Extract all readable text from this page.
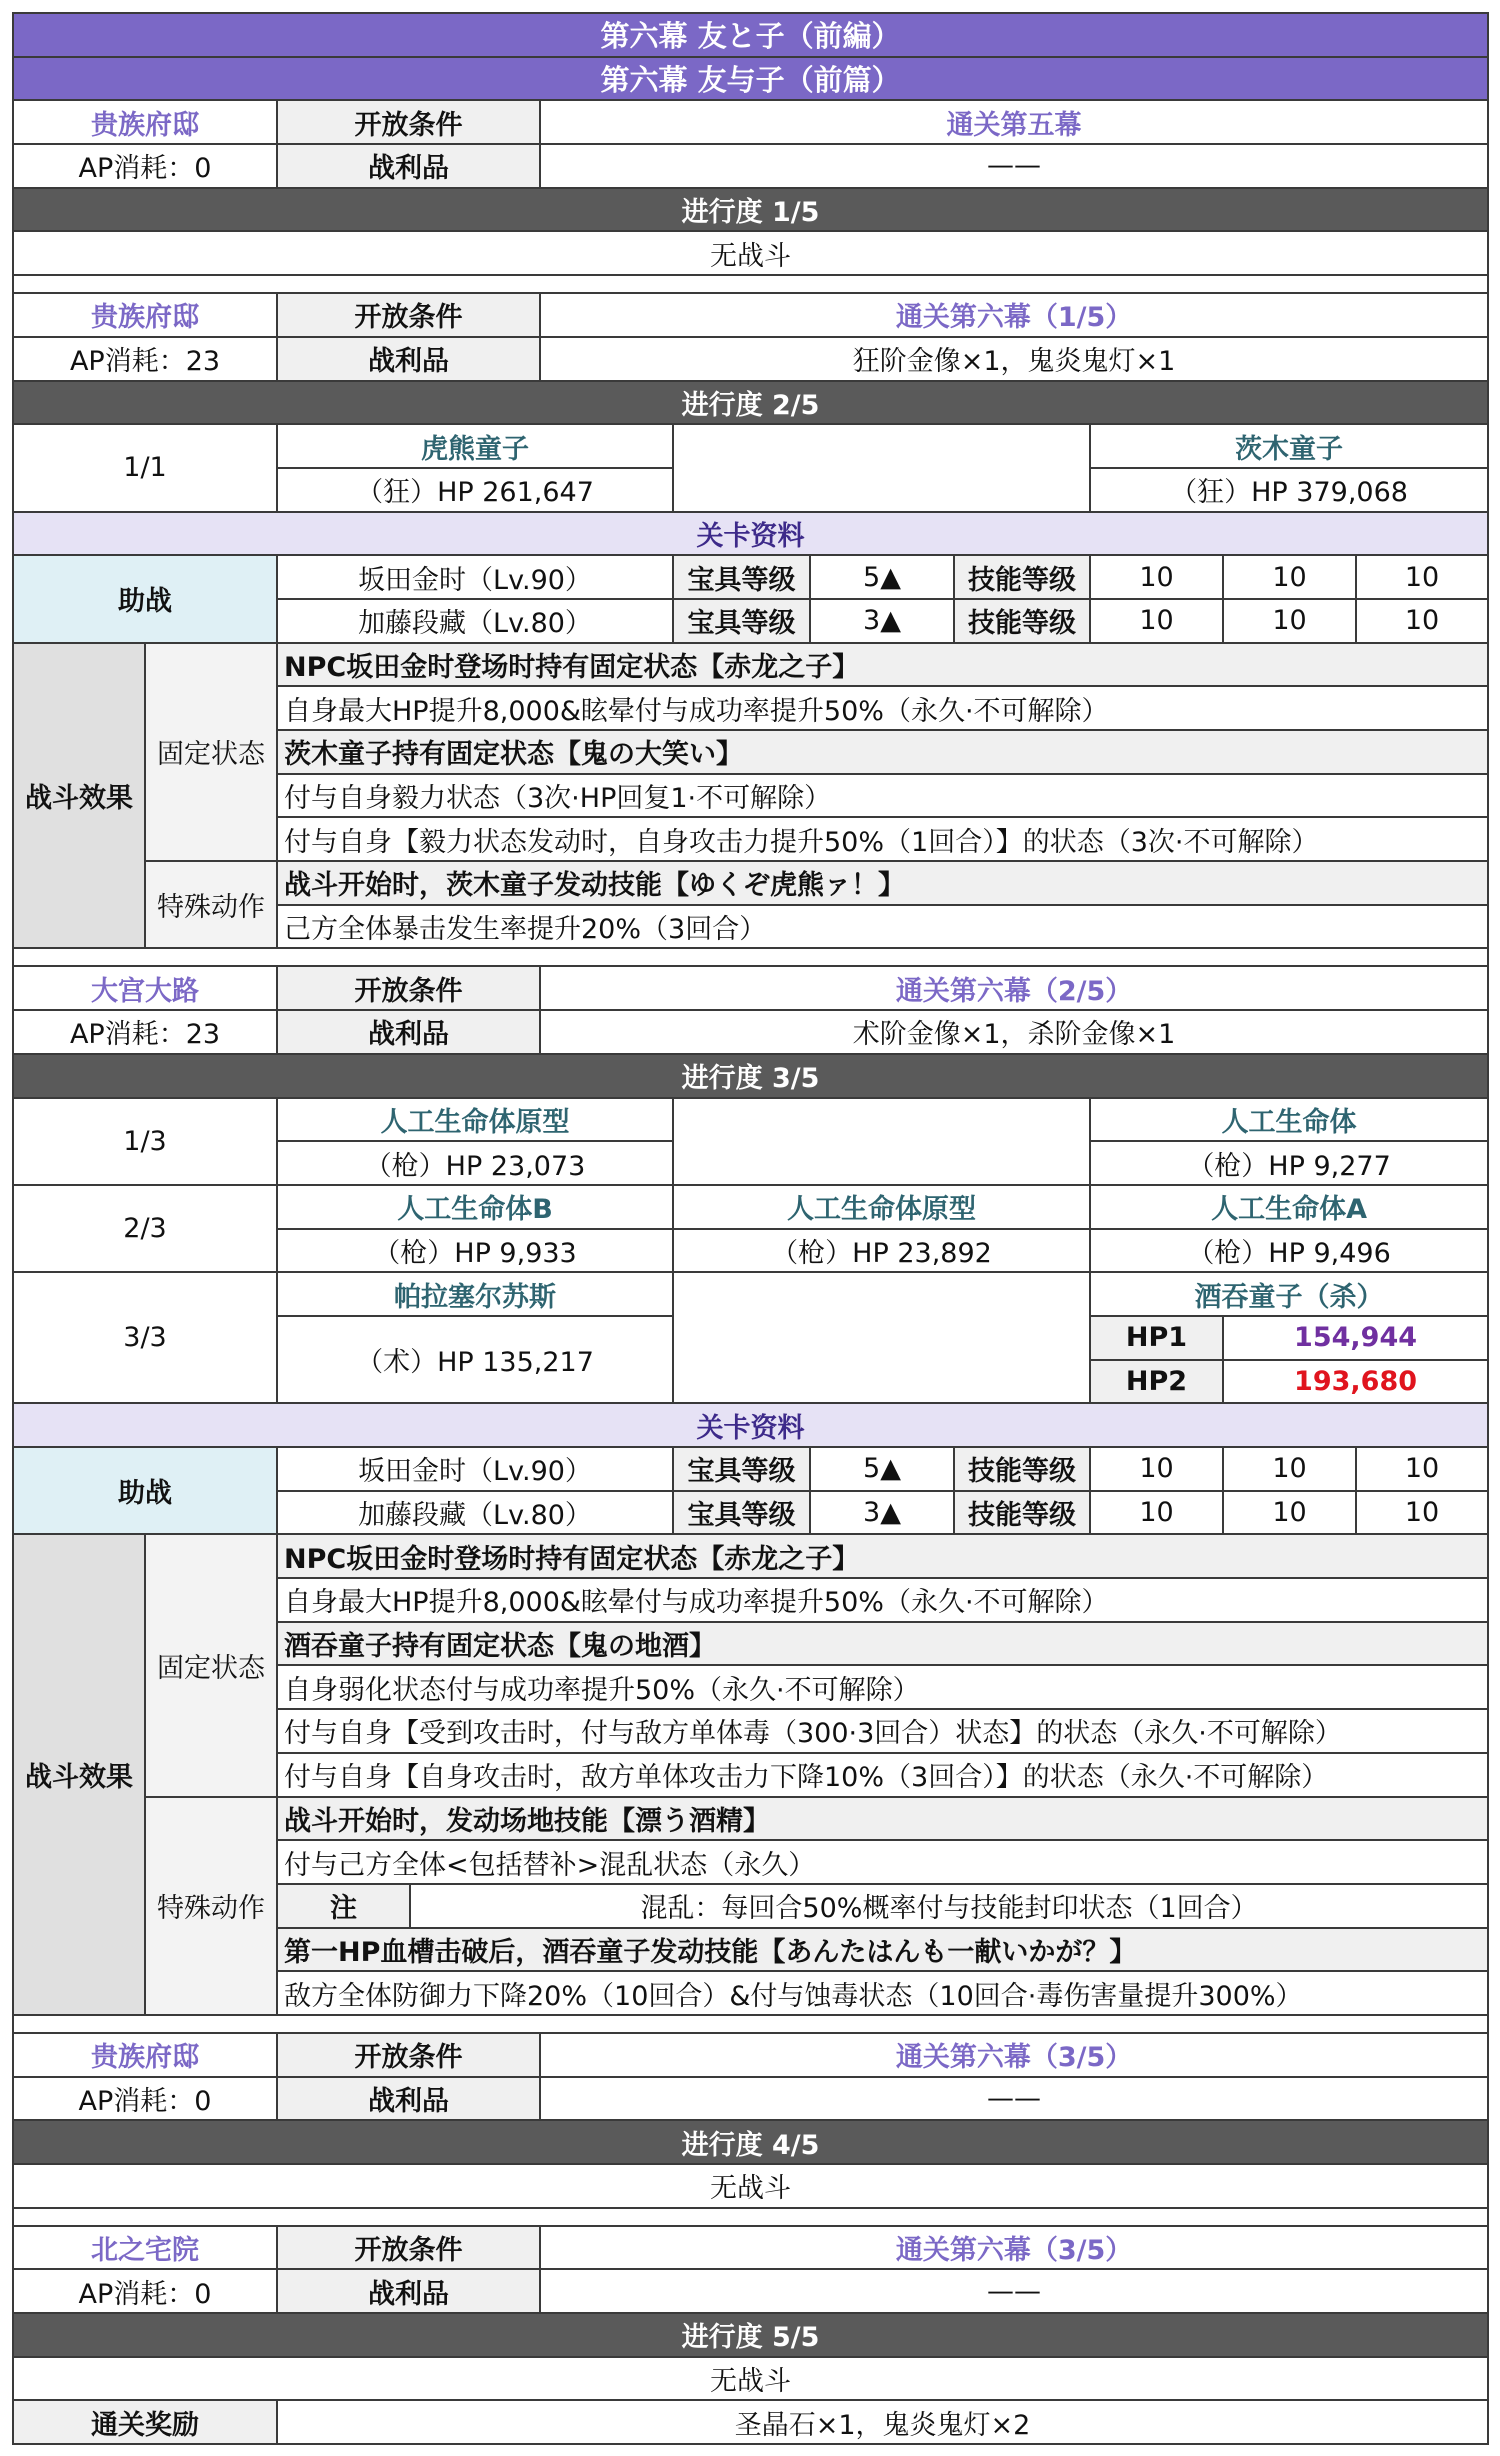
第六幕 友と子（前編）										
第六幕 友与子（前篇）										
贵族府邸		开放条件		通关第五幕						
AP消耗：0		战利品		——						
进行度 1/5										
无战斗										

贵族府邸		开放条件		通关第六幕（1/5）						
AP消耗：23		战利品		狂阶金像×1，鬼炎鬼灯×1						
进行度 2/5										
1/1		虎熊童子						茨木童子		
		（狂）HP 261,647						（狂）HP 379,068		
关卡资料										
助战		坂田金时（Lv.90）			宝具等级	5▲	技能等级	10	10	10
		加藤段藏（Lv.80）			宝具等级	3▲	技能等级	10	10	10
战斗效果	固定状态	NPC坂田金时登场时持有固定状态【赤龙之子】								
		自身最大HP提升8,000&眩晕付与成功率提升50%（永久·不可解除）								
		茨木童子持有固定状态【鬼の大笑い】								
		付与自身毅力状态（3次·HP回复1·不可解除）								
		付与自身【毅力状态发动时，自身攻击力提升50%（1回合）】的状态（3次·不可解除）								
	特殊动作	战斗开始时，茨木童子发动技能【ゆくぞ虎熊ァ！】								
		己方全体暴击发生率提升20%（3回合）								

大宫大路		开放条件		通关第六幕（2/5）						
AP消耗：23		战利品		术阶金像×1，杀阶金像×1						
进行度 3/5										
1/3		人工生命体原型						人工生命体		
		（枪）HP 23,073						（枪）HP 9,277		
2/3		人工生命体B			人工生命体原型			人工生命体A		
		（枪）HP 9,933			（枪）HP 23,892			（枪）HP 9,496		
3/3		帕拉塞尔苏斯						酒吞童子（杀）		
		（术）HP 135,217						HP1	154,944	
								HP2	193,680	
关卡资料										
助战		坂田金时（Lv.90）			宝具等级	5▲	技能等级	10	10	10
		加藤段藏（Lv.80）			宝具等级	3▲	技能等级	10	10	10
战斗效果	固定状态	NPC坂田金时登场时持有固定状态【赤龙之子】								
		自身最大HP提升8,000&眩晕付与成功率提升50%（永久·不可解除）								
		酒吞童子持有固定状态【鬼の地酒】								
		自身弱化状态付与成功率提升50%（永久·不可解除）								
		付与自身【受到攻击时，付与敌方单体毒（300·3回合）状态】的状态（永久·不可解除）								
		付与自身【自身攻击时，敌方单体攻击力下降10%（3回合）】的状态（永久·不可解除）								
	特殊动作	战斗开始时，发动场地技能【漂う酒精】								
		付与己方全体<包括替补>混乱状态（永久）								
		注	混乱：每回合50%概率付与技能封印状态（1回合）							
		第一HP血槽击破后，酒吞童子发动技能【あんたはんも一献いかが？】								
		敌方全体防御力下降20%（10回合）&付与蚀毒状态（10回合·毒伤害量提升300%）								

贵族府邸		开放条件		通关第六幕（3/5）						
AP消耗：0		战利品		——						
进行度 4/5										
无战斗										

北之宅院		开放条件		通关第六幕（3/5）						
AP消耗：0		战利品		——						
进行度 5/5										
无战斗										
通关奖励		圣晶石×1，鬼炎鬼灯×2								
